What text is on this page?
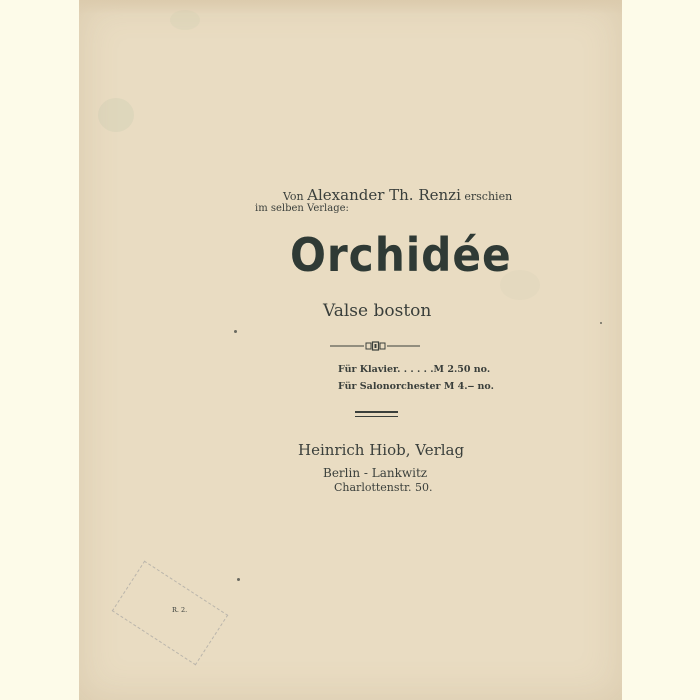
Von Alexander Th. Renzi erschien
im selben Verlage:
Orchidée
Valse boston
Für Klavier. . . . . .M 2.50 no.
Für Salonorchester M 4.‒ no.
Heinrich Hiob, Verlag
Berlin - Lankwitz
Charlottenstr. 50.
R. 2.
